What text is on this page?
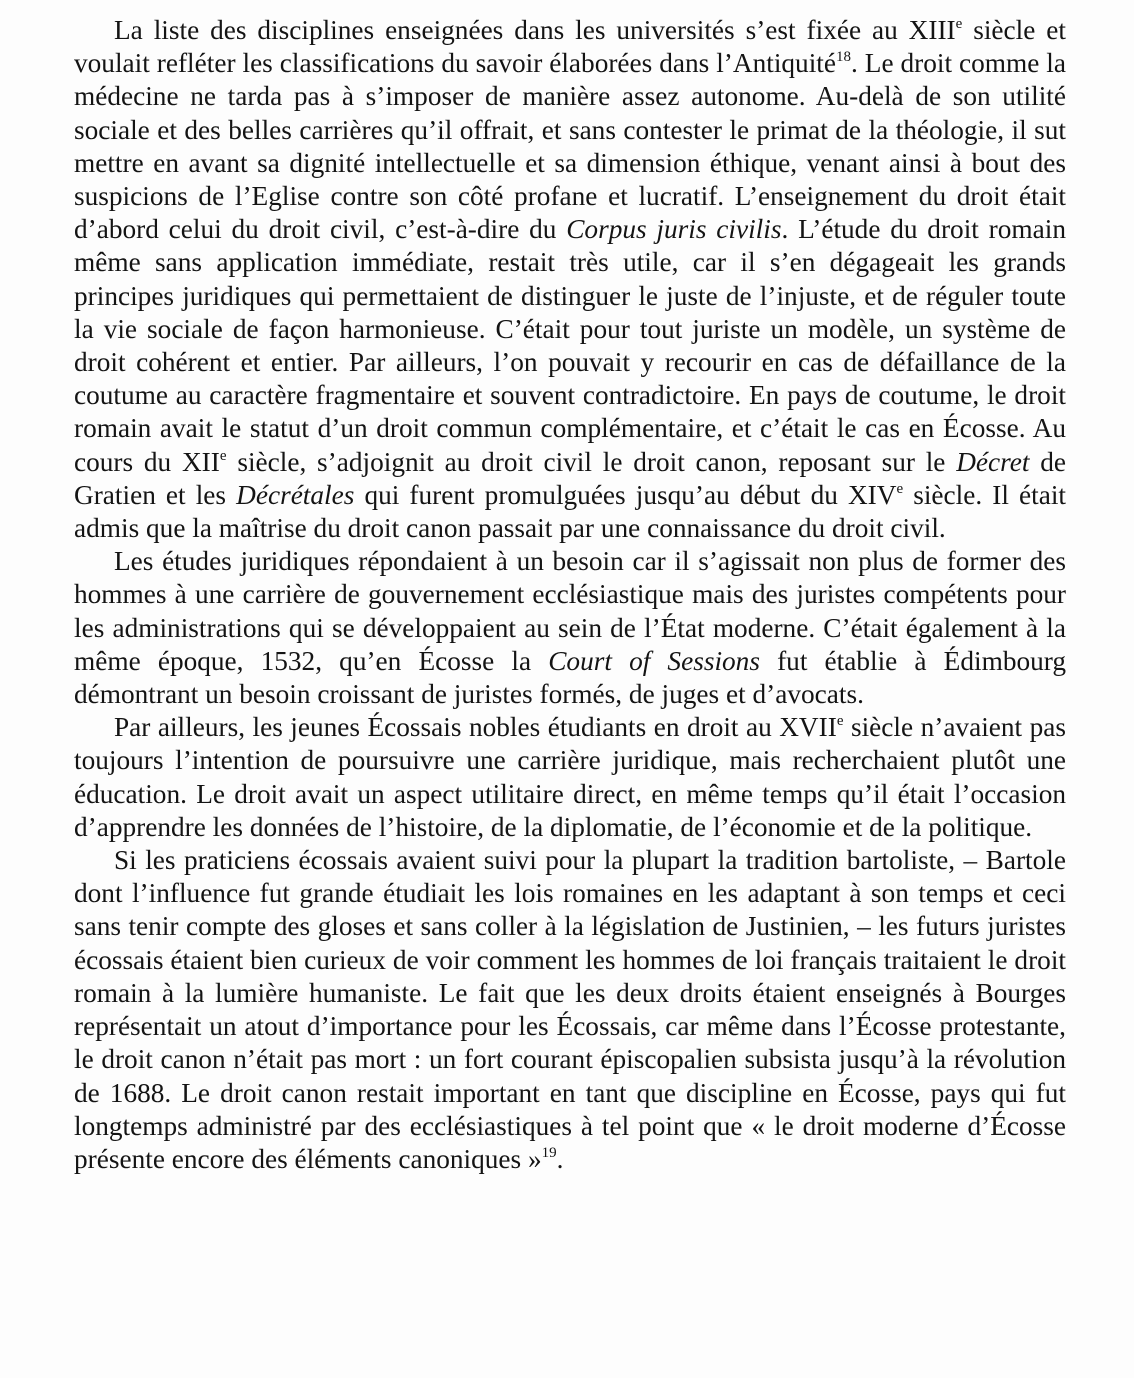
La liste des disciplines enseignées dans les universités s’est fixée au XIIIe siècle et voulait refléter les classifications du savoir élaborées dans l’Antiquité$^{18}$. Le droit comme la médecine ne tarda pas à s’imposer de manière assez autonome. Au-delà de son utilité sociale et des belles carrières qu’il offrait, et sans contester le primat de la théologie, il sut mettre en avant sa dignité intellectuelle et sa dimension éthique, venant ainsi à bout des suspicions de l’Eglise contre son côté profane et lucratif. L’enseignement du droit était d’abord celui du droit civil, c’est-à-dire du Corpus juris civilis. L’étude du droit romain même sans application immédiate, restait très utile, car il s’en dégageait les grands principes juridiques qui permettaient de distinguer le juste de l’injuste, et de réguler toute la vie sociale de façon harmonieuse. C’était pour tout juriste un modèle, un système de droit cohérent et entier. Par ailleurs, l’on pouvait y recourir en cas de défaillance de la coutume au caractère fragmentaire et souvent contradictoire. En pays de coutume, le droit romain avait le statut d’un droit commun complémentaire, et c’était le cas en Écosse. Au cours du XIIe siècle, s’adjoignit au droit civil le droit canon, reposant sur le Décret de Gratien et les Décrétales qui furent promulguées jusqu’au début du XIVe siècle. Il était admis que la maîtrise du droit canon passait par une connaissance du droit civil.

Les études juridiques répondaient à un besoin car il s’agissait non plus de former des hommes à une carrière de gouvernement ecclésiastique mais des juristes compétents pour les administrations qui se développaient au sein de l’État moderne. C’était également à la même époque, 1532, qu’en Écosse la Court of Sessions fut établie à Édimbourg démontrant un besoin croissant de juristes formés, de juges et d’avocats.

Par ailleurs, les jeunes Écossais nobles étudiants en droit au XVIIe siècle n’avaient pas toujours l’intention de poursuivre une carrière juridique, mais recherchaient plutôt une éducation. Le droit avait un aspect utilitaire direct, en même temps qu’il était l’occasion d’apprendre les données de l’histoire, de la diplomatie, de l’économie et de la politique.

Si les praticiens écossais avaient suivi pour la plupart la tradition bartoliste, – Bartole dont l’influence fut grande étudiait les lois romaines en les adaptant à son temps et ceci sans tenir compte des gloses et sans coller à la législation de Justinien, – les futurs juristes écossais étaient bien curieux de voir comment les hommes de loi français traitaient le droit romain à la lumière humaniste. Le fait que les deux droits étaient enseignés à Bourges représentait un atout d’importance pour les Écossais, car même dans l’Écosse protestante, le droit canon n’était pas mort : un fort courant épiscopalien subsista jusqu’à la révolution de 1688. Le droit canon restait important en tant que discipline en Écosse, pays qui fut longtemps administré par des ecclésiastiques à tel point que « le droit moderne d’Écosse présente encore des éléments canoniques »$^{19}$.
